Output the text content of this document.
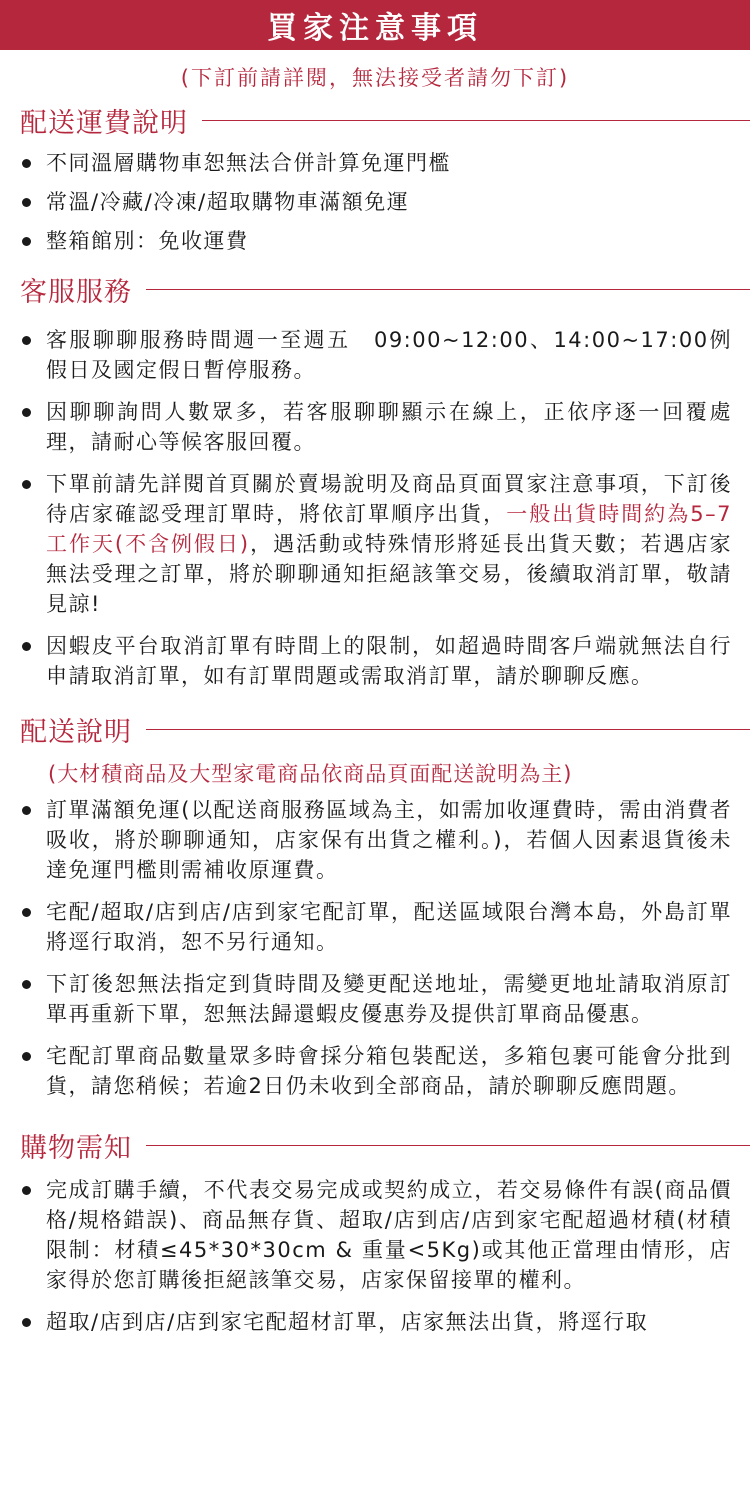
買家注意事項
(下訂前請詳閱，無法接受者請勿下訂)
配送運費說明
不同溫層購物車恕無法合併計算免運門檻
常溫/冷藏/冷凍/超取購物車滿額免運
整箱館別：免收運費
客服服務
客服聊聊服務時間週一至週五　09:00~12:00、14:00~17:00例假日及國定假日暫停服務。
因聊聊詢問人數眾多，若客服聊聊顯示在線上，正依序逐一回覆處理，請耐心等候客服回覆。
下單前請先詳閱首頁關於賣場說明及商品頁面買家注意事項，下訂後待店家確認受理訂單時，將依訂單順序出貨，一般出貨時間約為5–7工作天(不含例假日)，遇活動或特殊情形將延長出貨天數；若遇店家無法受理之訂單，將於聊聊通知拒絕該筆交易，後續取消訂單，敬請見諒!
因蝦皮平台取消訂單有時間上的限制，如超過時間客戶端就無法自行申請取消訂單，如有訂單問題或需取消訂單，請於聊聊反應。
配送說明
(大材積商品及大型家電商品依商品頁面配送說明為主)
訂單滿額免運(以配送商服務區域為主，如需加收運費時，需由消費者吸收，將於聊聊通知，店家保有出貨之權利。)，若個人因素退貨後未達免運門檻則需補收原運費。
宅配/超取/店到店/店到家宅配訂單，配送區域限台灣本島，外島訂單將逕行取消，恕不另行通知。
下訂後恕無法指定到貨時間及變更配送地址，需變更地址請取消原訂單再重新下單，恕無法歸還蝦皮優惠券及提供訂單商品優惠。
宅配訂單商品數量眾多時會採分箱包裝配送，多箱包裹可能會分批到貨，請您稍候；若逾2日仍未收到全部商品，請於聊聊反應問題。
購物需知
完成訂購手續，不代表交易完成或契約成立，若交易條件有誤(商品價格/規格錯誤)、商品無存貨、超取/店到店/店到家宅配超過材積(材積限制：材積≤45*30*30cm & 重量<5Kg)或其他正當理由情形，店家得於您訂購後拒絕該筆交易，店家保留接單的權利。
超取/店到店/店到家宅配超材訂單，店家無法出貨，將逕行取
